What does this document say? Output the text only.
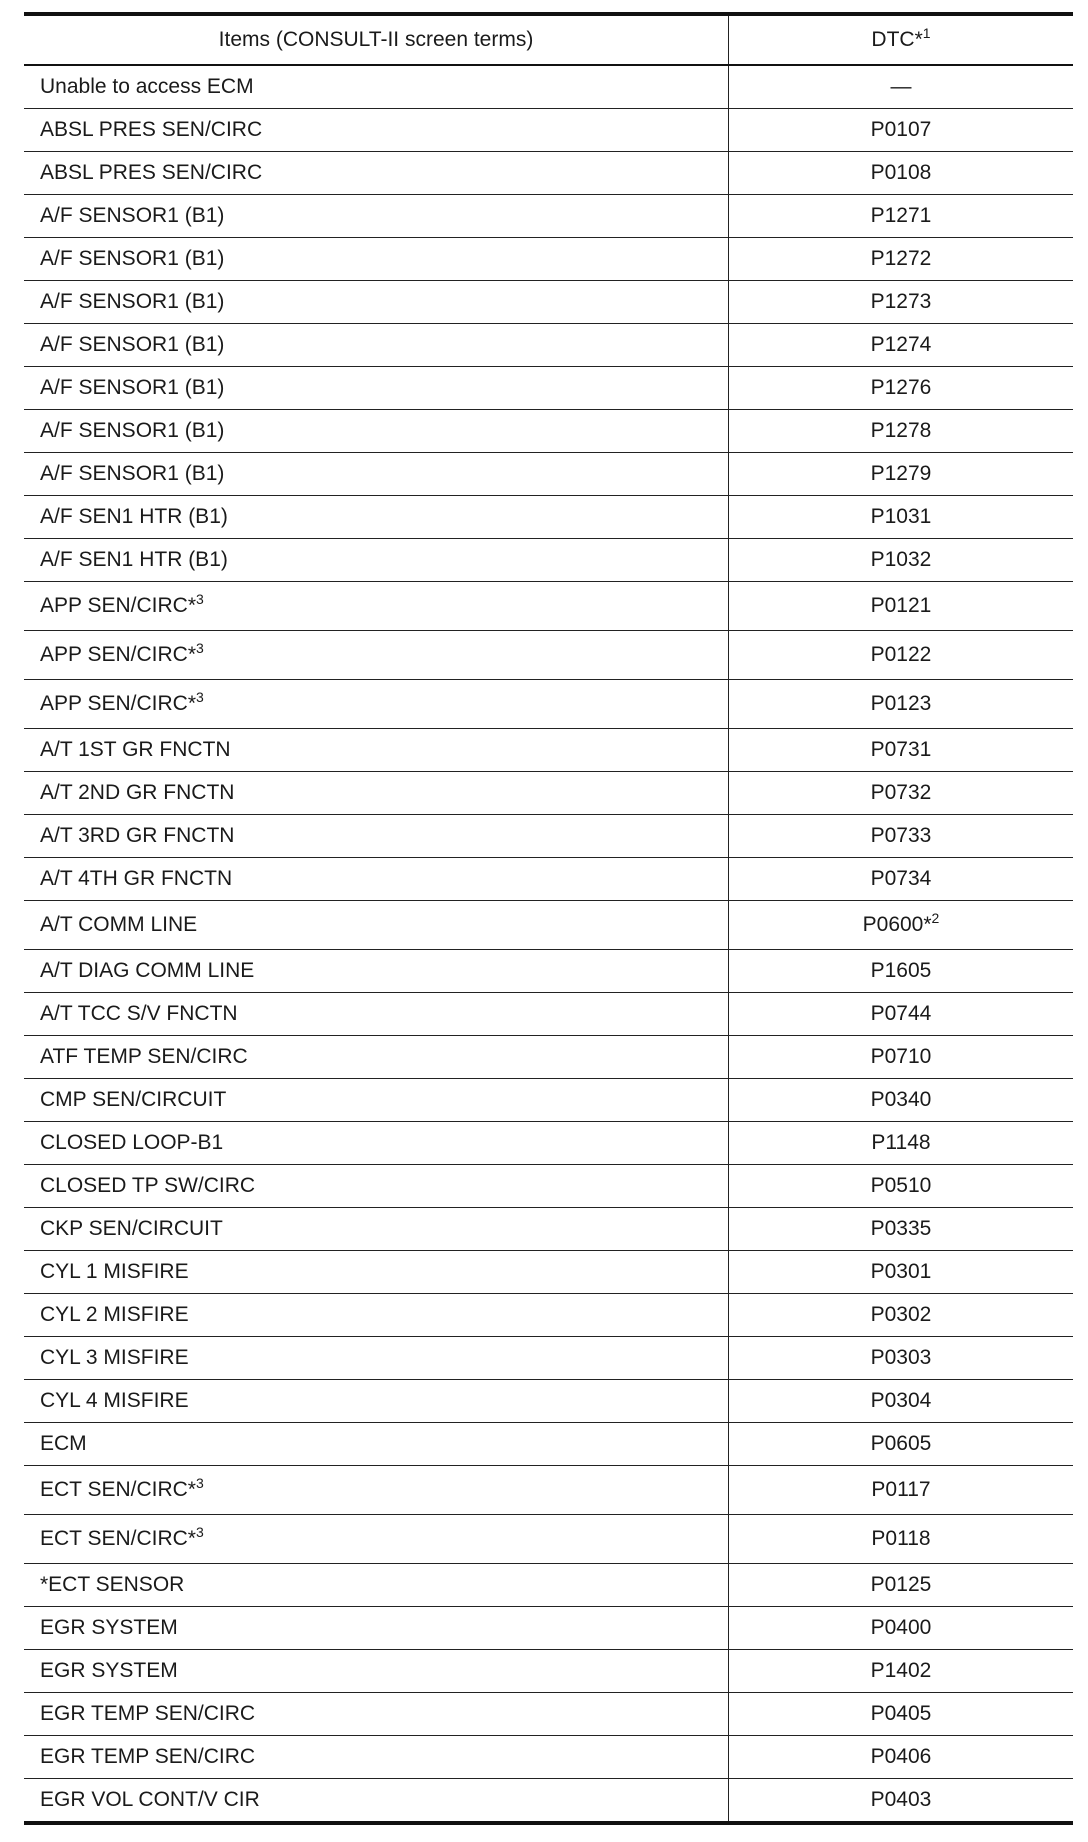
Items (CONSULT-II screen terms)	DTC*$^1$
Unable to access ECM	—
ABSL PRES SEN/CIRC	P0107
ABSL PRES SEN/CIRC	P0108
A/F SENSOR1 (B1)	P1271
A/F SENSOR1 (B1)	P1272
A/F SENSOR1 (B1)	P1273
A/F SENSOR1 (B1)	P1274
A/F SENSOR1 (B1)	P1276
A/F SENSOR1 (B1)	P1278
A/F SENSOR1 (B1)	P1279
A/F SEN1 HTR (B1)	P1031
A/F SEN1 HTR (B1)	P1032
APP SEN/CIRC*$^3$	P0121
APP SEN/CIRC*$^3$	P0122
APP SEN/CIRC*$^3$	P0123
A/T 1ST GR FNCTN	P0731
A/T 2ND GR FNCTN	P0732
A/T 3RD GR FNCTN	P0733
A/T 4TH GR FNCTN	P0734
A/T COMM LINE	P0600*$^2$
A/T DIAG COMM LINE	P1605
A/T TCC S/V FNCTN	P0744
ATF TEMP SEN/CIRC	P0710
CMP SEN/CIRCUIT	P0340
CLOSED LOOP-B1	P1148
CLOSED TP SW/CIRC	P0510
CKP SEN/CIRCUIT	P0335
CYL 1 MISFIRE	P0301
CYL 2 MISFIRE	P0302
CYL 3 MISFIRE	P0303
CYL 4 MISFIRE	P0304
ECM	P0605
ECT SEN/CIRC*$^3$	P0117
ECT SEN/CIRC*$^3$	P0118
*ECT SENSOR	P0125
EGR SYSTEM	P0400
EGR SYSTEM	P1402
EGR TEMP SEN/CIRC	P0405
EGR TEMP SEN/CIRC	P0406
EGR VOL CONT/V CIR	P0403
